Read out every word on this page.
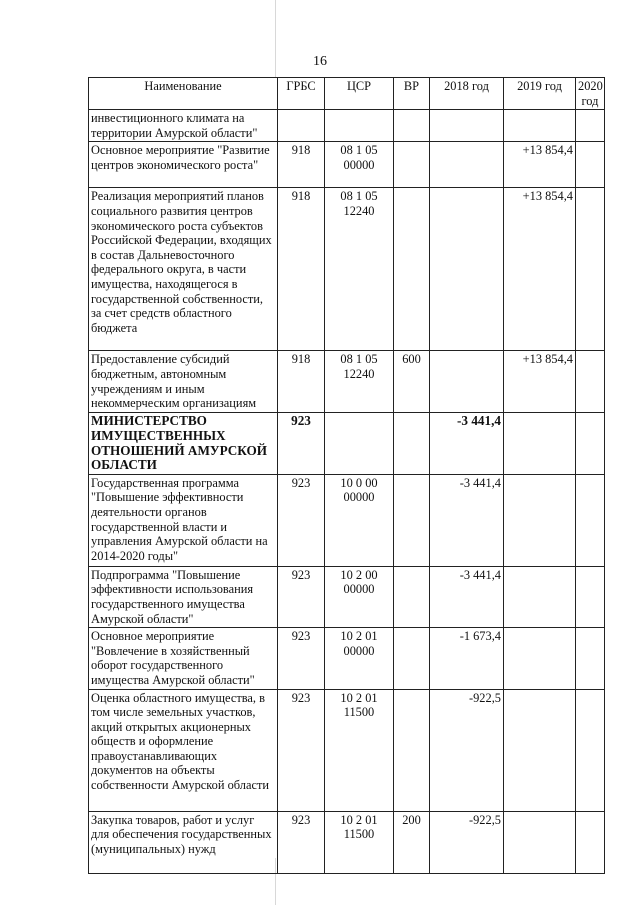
16
Наименование	ГРБС	ЦСР	ВР	2018 год	2019 год	2020 год
инвестиционного климата на территории Амурской области"						
Основное мероприятие "Развитие центров экономического роста"	918	08 1 05 00000			+13 854,4	
Реализация мероприятий планов социального развития центров экономического роста субъектов Российской Федерации, входящих в состав Дальневосточного федерального округа, в части имущества, находящегося в государственной собственности, за счет средств областного бюджета	918	08 1 05 12240			+13 854,4	
Предоставление субсидий бюджетным, автономным учреждениям и иным некоммерческим организациям	918	08 1 05 12240	600		+13 854,4	
МИНИСТЕРСТВО ИМУЩЕСТВЕННЫХ ОТНОШЕНИЙ АМУРСКОЙ ОБЛАСТИ	923			-3 441,4		
Государственная программа "Повышение эффективности деятельности органов государственной власти и управления Амурской области на 2014-2020 годы"	923	10 0 00 00000		-3 441,4		
Подпрограмма "Повышение эффективности использования государственного имущества Амурской области"	923	10 2 00 00000		-3 441,4		
Основное мероприятие "Вовлечение в хозяйственный оборот государственного имущества Амурской области"	923	10 2 01 00000		-1 673,4		
Оценка областного имущества, в том числе земельных участков, акций открытых акционерных обществ и оформление правоустанавливающих документов на объекты собственности Амурской области	923	10 2 01 11500		-922,5		
Закупка товаров, работ и услуг для обеспечения государственных (муниципальных) нужд	923	10 2 01 11500	200	-922,5		
